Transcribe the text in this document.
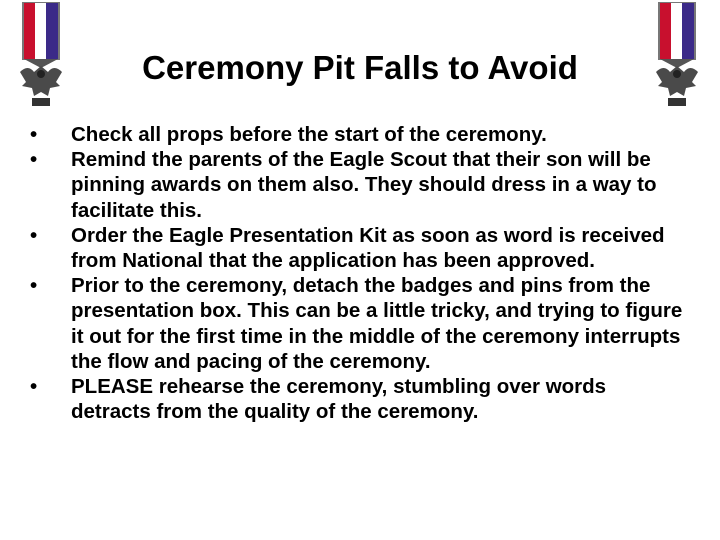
Ceremony Pit Falls to Avoid
•	Check all props before the start of the ceremony.
•	Remind the parents of the Eagle Scout that their son will be pinning awards on them also. They should dress in a way to facilitate this.
•	Order the Eagle Presentation Kit as soon as word is received from National that the application has been approved.
•	Prior to the ceremony, detach the badges and pins from the presentation box. This can be a little tricky, and trying to figure it out for the first time in the middle of the ceremony interrupts the flow and pacing of the ceremony.
•	PLEASE rehearse the ceremony, stumbling over words detracts from the quality of the ceremony.
